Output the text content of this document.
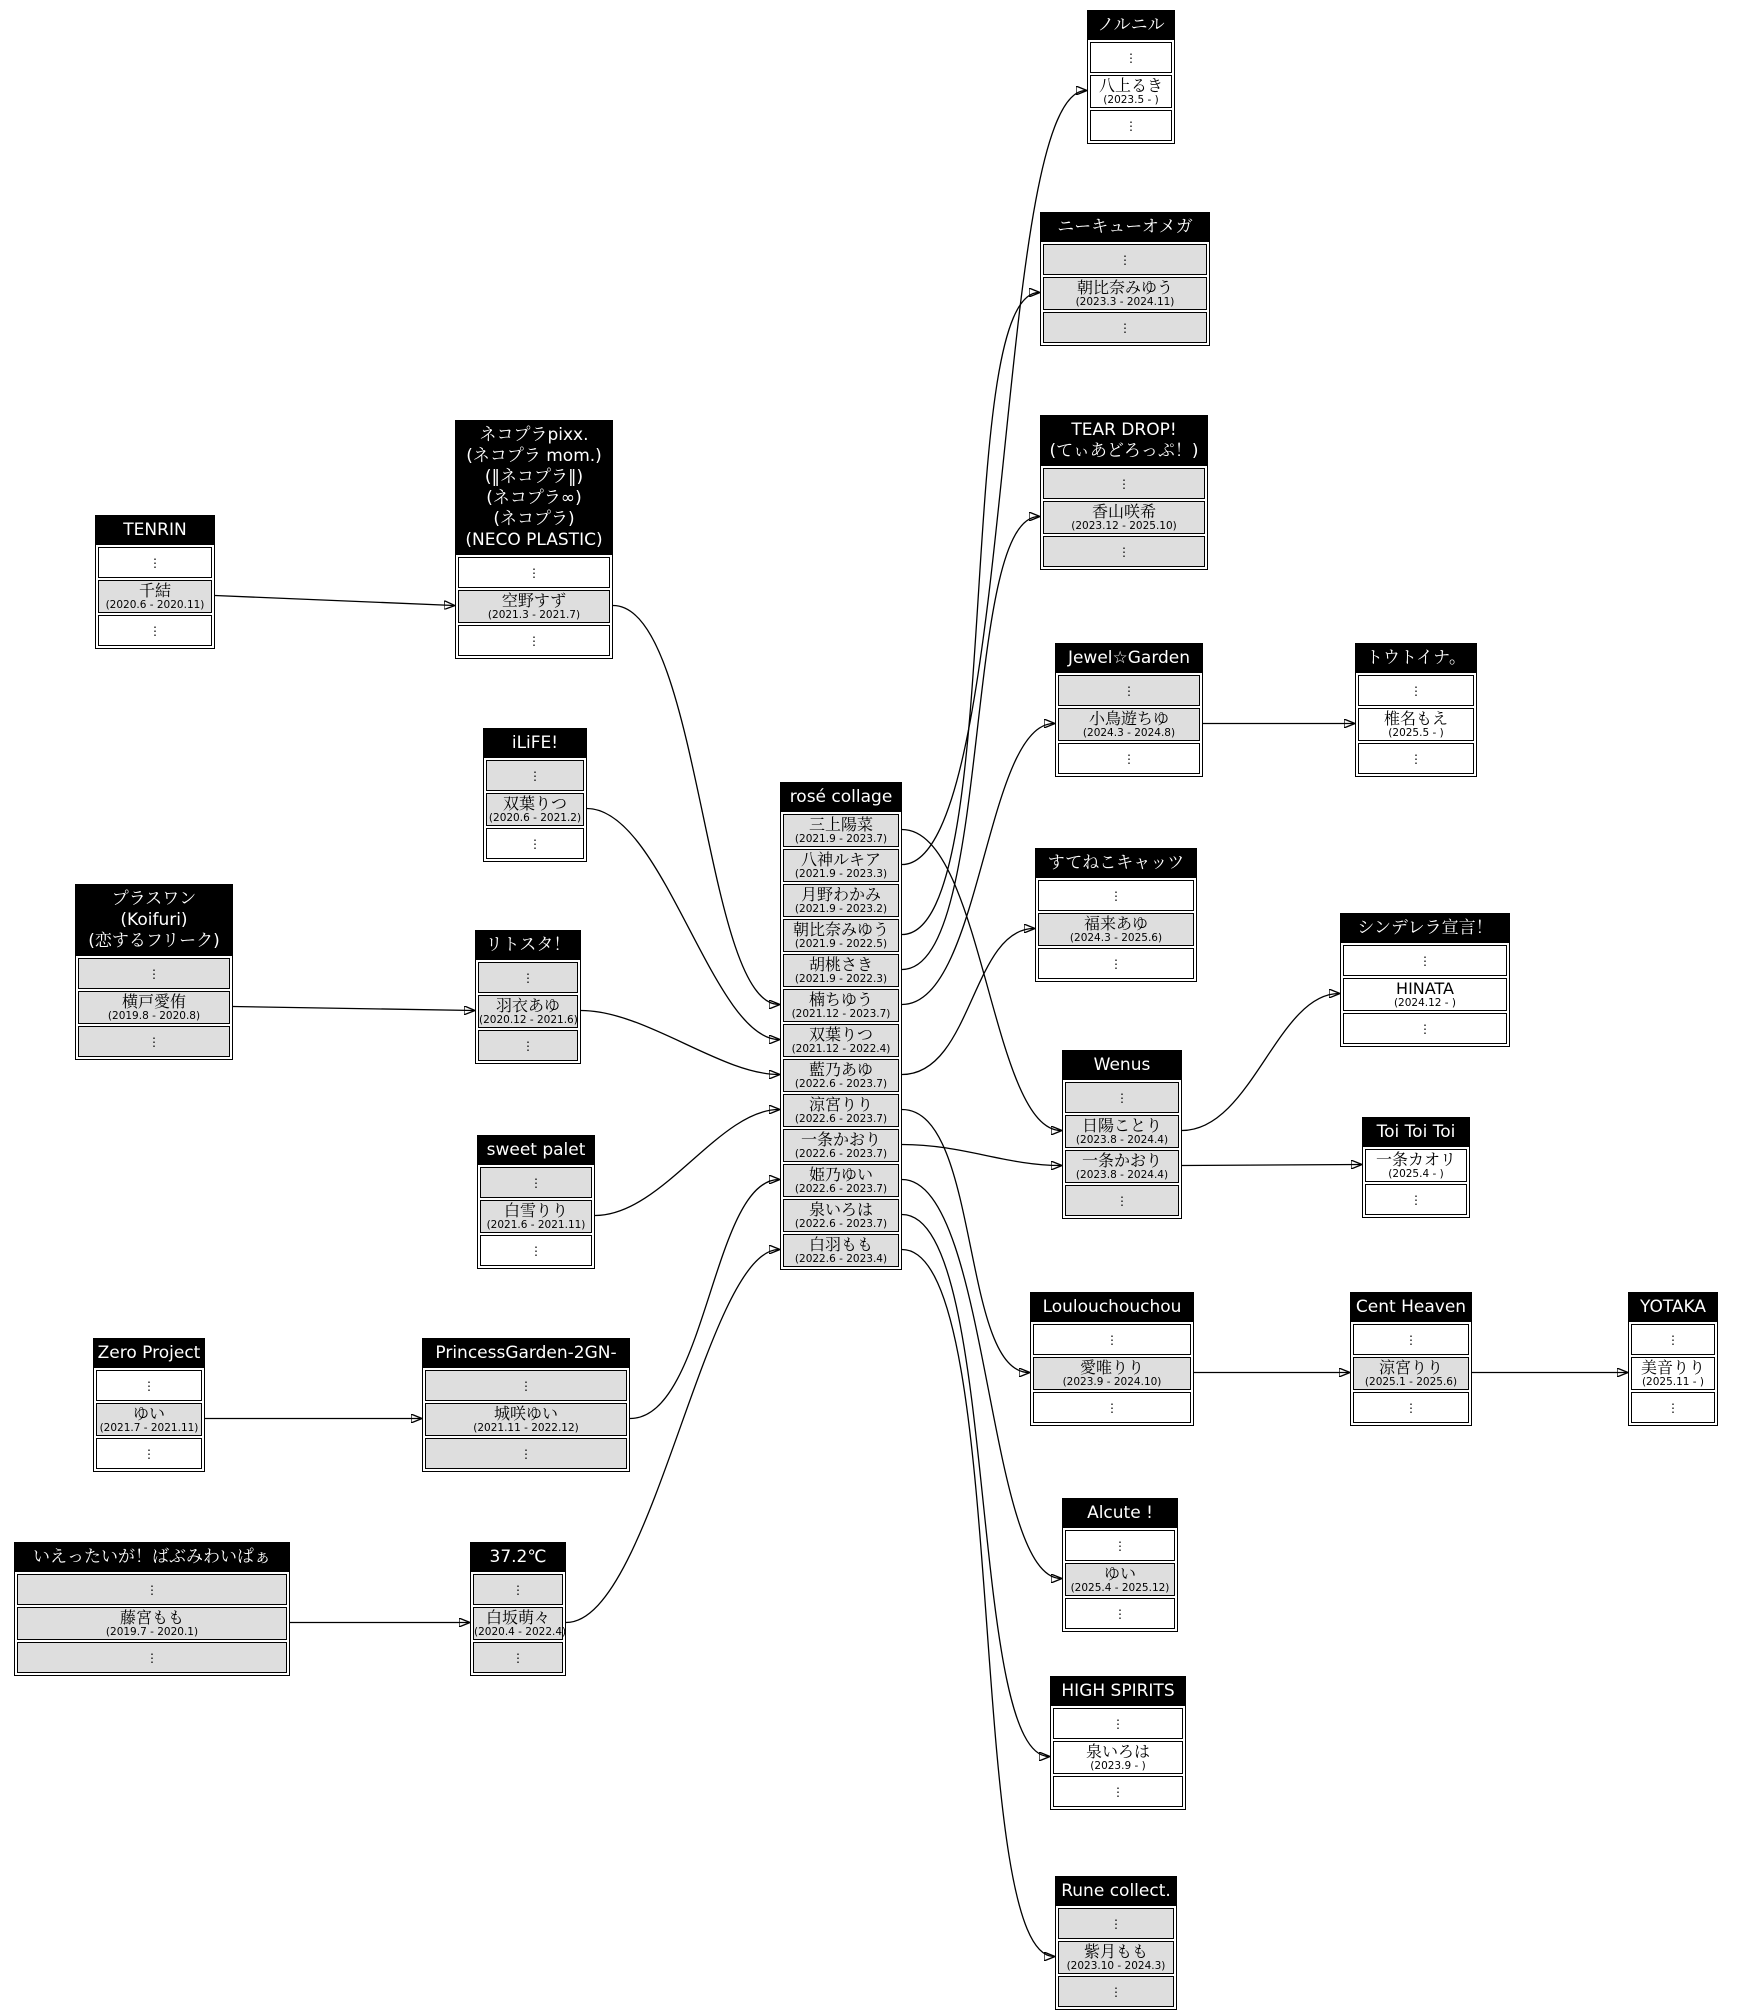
TENRIN
⋮
千結
(2020.6 - 2020.11)
⋮
プラスワン
(Koifuri)
(恋するフリーク)
⋮
横戸愛侑
(2019.8 - 2020.8)
⋮
Zero Project
⋮
ゆい
(2021.7 - 2021.11)
⋮
いえったいが！ばぶみわいぱぁ
⋮
藤宮もも
(2019.7 - 2020.1)
⋮
ネコプラpixx.
(ネコプラ mom.)
(‖ネコプラ‖)
(ネコプラ∞)
(ネコプラ)
(NECO PLASTIC)
⋮
空野すず
(2021.3 - 2021.7)
⋮
iLiFE!
⋮
双葉りつ
(2020.6 - 2021.2)
⋮
リトスタ！
⋮
羽衣あゆ
(2020.12 - 2021.6)
⋮
sweet palet
⋮
白雪りり
(2021.6 - 2021.11)
⋮
PrincessGarden-2GN-
⋮
城咲ゆい
(2021.11 - 2022.12)
⋮
37.2℃
⋮
白坂萌々
(2020.4 - 2022.4)
⋮
rosé collage
三上陽菜
(2021.9 - 2023.7)
八神ルキア
(2021.9 - 2023.3)
月野わかみ
(2021.9 - 2023.2)
朝比奈みゆう
(2021.9 - 2022.5)
胡桃さき
(2021.9 - 2022.3)
楠ちゆう
(2021.12 - 2023.7)
双葉りつ
(2021.12 - 2022.4)
藍乃あゆ
(2022.6 - 2023.7)
涼宮りり
(2022.6 - 2023.7)
一条かおり
(2022.6 - 2023.7)
姫乃ゆい
(2022.6 - 2023.7)
泉いろは
(2022.6 - 2023.7)
白羽もも
(2022.6 - 2023.4)
ノルニル
⋮
八上るき
(2023.5 - )
⋮
ニーキューオメガ
⋮
朝比奈みゆう
(2023.3 - 2024.11)
⋮
TEAR DROP!
(てぃあどろっぷ！)
⋮
香山咲希
(2023.12 - 2025.10)
⋮
Jewel☆Garden
⋮
小鳥遊ちゆ
(2024.3 - 2024.8)
⋮
トウトイナ。
⋮
椎名もえ
(2025.5 - )
⋮
すてねこキャッツ
⋮
福来あゆ
(2024.3 - 2025.6)
⋮
シンデレラ宣言！
⋮
HINATA
(2024.12 - )
⋮
Wenus
⋮
日陽ことり
(2023.8 - 2024.4)
一条かおり
(2023.8 - 2024.4)
⋮
Toi Toi Toi
一条カオリ
(2025.4 - )
⋮
Loulouchouchou
⋮
愛唯りり
(2023.9 - 2024.10)
⋮
Cent Heaven
⋮
涼宮りり
(2025.1 - 2025.6)
⋮
YOTAKA
⋮
美音りり
(2025.11 - )
⋮
Alcute !
⋮
ゆい
(2025.4 - 2025.12)
⋮
HIGH SPIRITS
⋮
泉いろは
(2023.9 - )
⋮
Rune collect.
⋮
紫月もも
(2023.10 - 2024.3)
⋮
